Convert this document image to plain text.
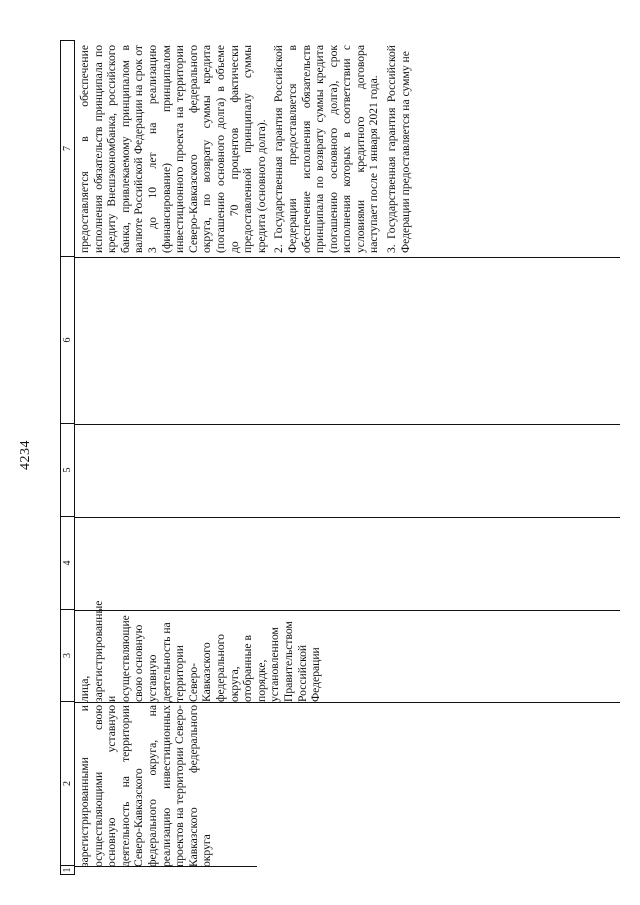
4234
1
2
3
4
5
6
7

зарегистрированными и осуществляющими свою основную уставную деятельность на территории Северо-Кавказского федерального округа, на реализацию инвестиционных проектов на территории Северо-Кавказского федерального округа

лица, зарегистрированные и осуществляющие свою основную уставную деятельность на территории Северо-Кавказского федерального округа, отобранные в порядке, установленном Правительством Российской Федерации

предоставляется в обеспечение исполнения обязательств принципала по кредиту Внешэкономбанка, российского банка, привлекаемому принципалом в валюте Российской Федерации на срок от 3 до 10 лет на реализацию (финансирование) принципалом инвестиционного проекта на территории Северо-Кавказского федерального округа, по возврату суммы кредита (погашению основного долга) в объеме до 70 процентов фактически предоставленной принципалу суммы кредита (основного долга). 2. Государственная гарантия Российской Федерации предоставляется в обеспечение исполнения обязательств принципала по возврату суммы кредита (погашению основного долга), срок исполнения которых в соответствии с условиями кредитного договора наступает после 1 января 2021 года. 3. Государственная гарантия Российской Федерации предоставляется на сумму не
